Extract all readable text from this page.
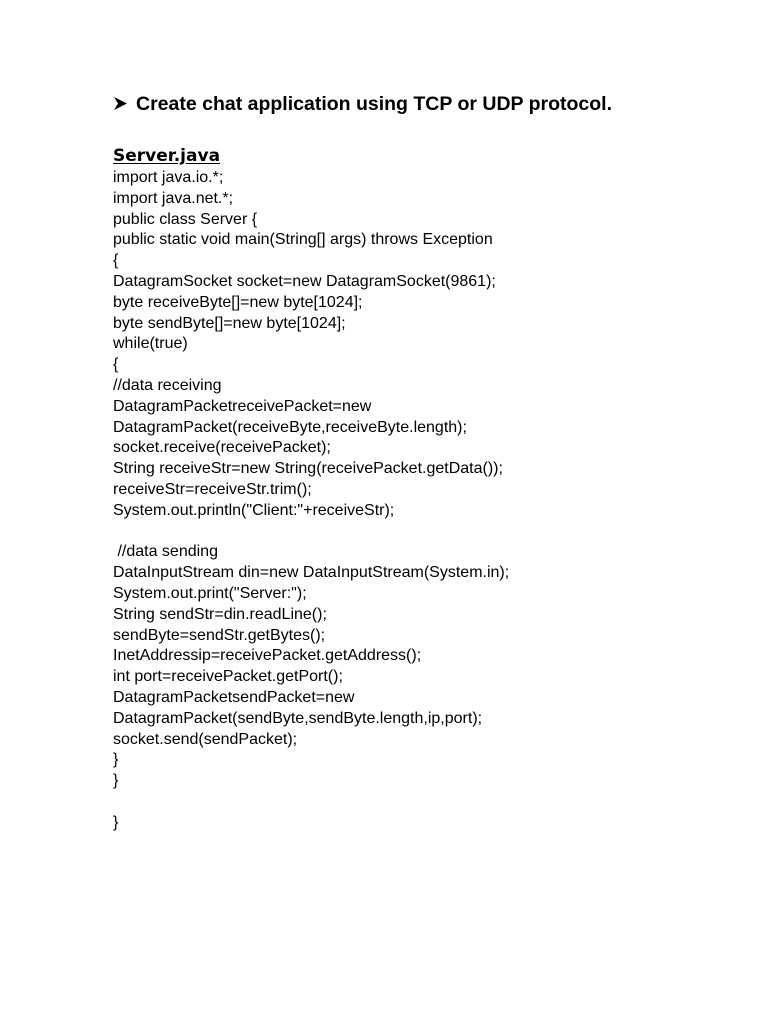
Create chat application using TCP or UDP protocol.
Server.java
import java.io.*;
import java.net.*;
public class Server {
public static void main(String[] args) throws Exception
{
DatagramSocket socket=new DatagramSocket(9861);
byte receiveByte[]=new byte[1024];
byte sendByte[]=new byte[1024];
while(true)
{
//data receiving
DatagramPacketreceivePacket=new
DatagramPacket(receiveByte,receiveByte.length);
socket.receive(receivePacket);
String receiveStr=new String(receivePacket.getData());
receiveStr=receiveStr.trim();
System.out.println("Client:"+receiveStr);
//data sending
DataInputStream din=new DataInputStream(System.in);
System.out.print("Server:");
String sendStr=din.readLine();
sendByte=sendStr.getBytes();
InetAddressip=receivePacket.getAddress();
int port=receivePacket.getPort();
DatagramPacketsendPacket=new
DatagramPacket(sendByte,sendByte.length,ip,port);
socket.send(sendPacket);
}
}
}
